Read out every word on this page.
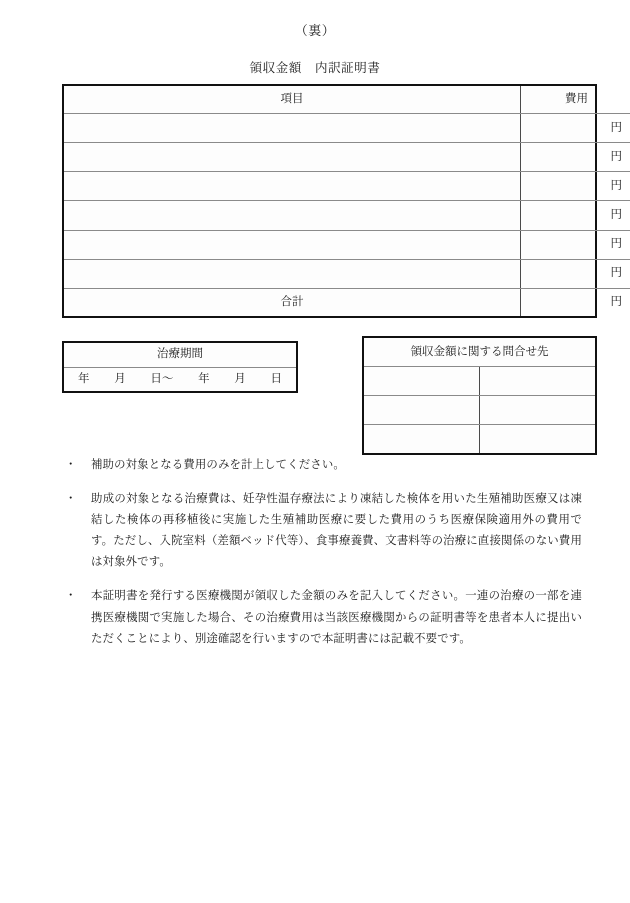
（裏）
領収金額　内訳証明書
項目	費用
	円
	円
	円
	円
	円
	円
合計	円
治療期間

年 月 日～ 年 月 日
領収金額に関する問合せ先	

・	補助の対象となる費用のみを計上してください。
・	助成の対象となる治療費は、妊孕性温存療法により凍結した検体を用いた生殖補助医療又は凍結した検体の再移植後に実施した生殖補助医療に要した費用のうち医療保険適用外の費用です。ただし、入院室料（差額ベッド代等）、食事療養費、文書料等の治療に直接関係のない費用は対象外です。
・	本証明書を発行する医療機関が領収した金額のみを記入してください。一連の治療の一部を連携医療機関で実施した場合、その治療費用は当該医療機関からの証明書等を患者本人に提出いただくことにより、別途確認を行いますので本証明書には記載不要です。
